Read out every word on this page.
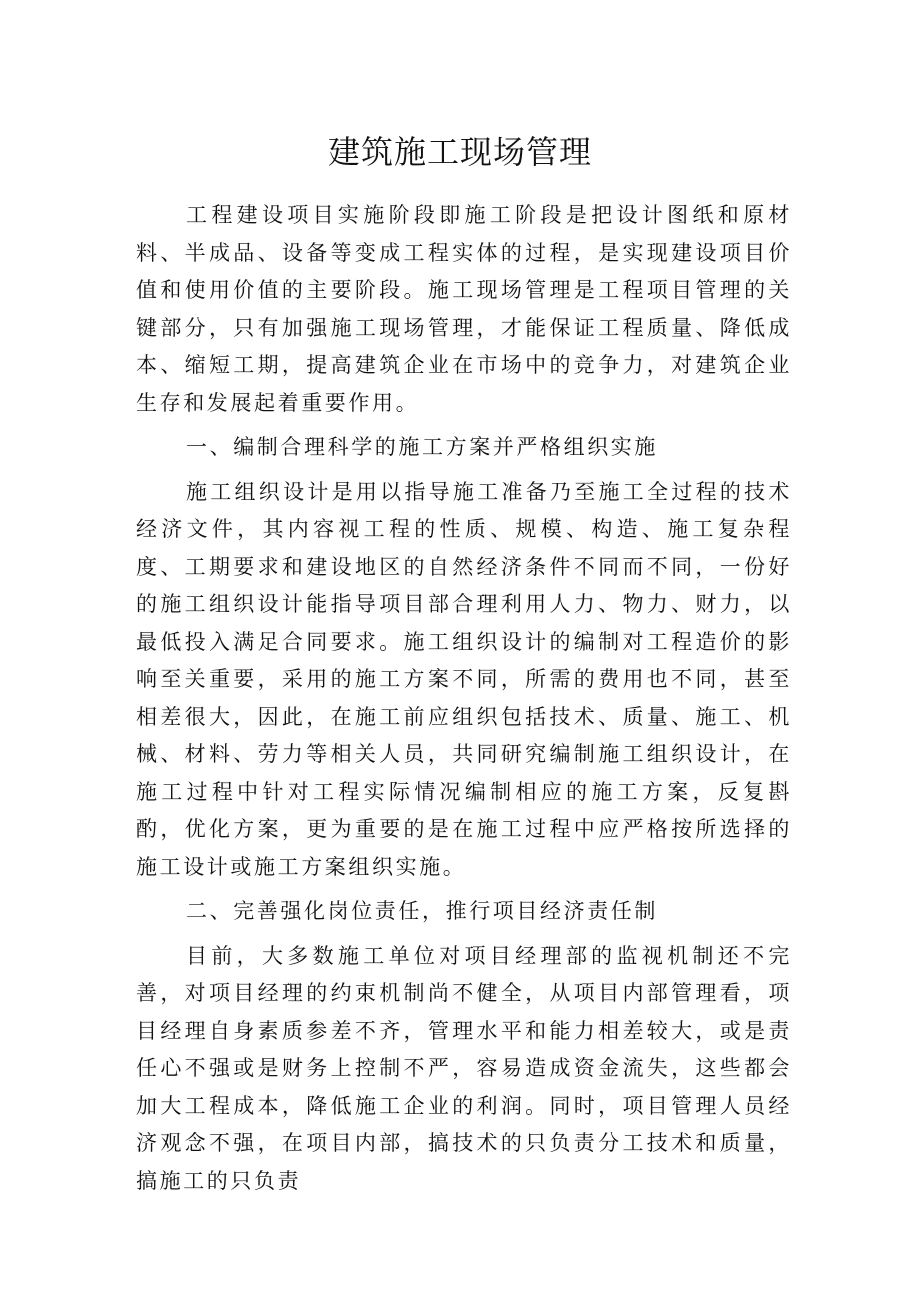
建筑施工现场管理

工程建设项目实施阶段即施工阶段是把设计图纸和原材料、半成品、设备等变成工程实体的过程，是实现建设项目价值和使用价值的主要阶段。施工现场管理是工程项目管理的关键部分，只有加强施工现场管理，才能保证工程质量、降低成本、缩短工期，提高建筑企业在市场中的竞争力，对建筑企业生存和发展起着重要作用。

一、编制合理科学的施工方案并严格组织实施

施工组织设计是用以指导施工准备乃至施工全过程的技术经济文件，其内容视工程的性质、规模、构造、施工复杂程度、工期要求和建设地区的自然经济条件不同而不同，一份好的施工组织设计能指导项目部合理利用人力、物力、财力，以最低投入满足合同要求。施工组织设计的编制对工程造价的影响至关重要，采用的施工方案不同，所需的费用也不同，甚至相差很大，因此，在施工前应组织包括技术、质量、施工、机械、材料、劳力等相关人员，共同研究编制施工组织设计，在施工过程中针对工程实际情况编制相应的施工方案，反复斟酌，优化方案，更为重要的是在施工过程中应严格按所选择的施工设计或施工方案组织实施。

二、完善强化岗位责任，推行项目经济责任制

目前，大多数施工单位对项目经理部的监视机制还不完善，对项目经理的约束机制尚不健全，从项目内部管理看，项目经理自身素质参差不齐，管理水平和能力相差较大，或是责任心不强或是财务上控制不严，容易造成资金流失，这些都会加大工程成本，降低施工企业的利润。同时，项目管理人员经济观念不强，在项目内部，搞技术的只负责分工技术和质量，搞施工的只负责
